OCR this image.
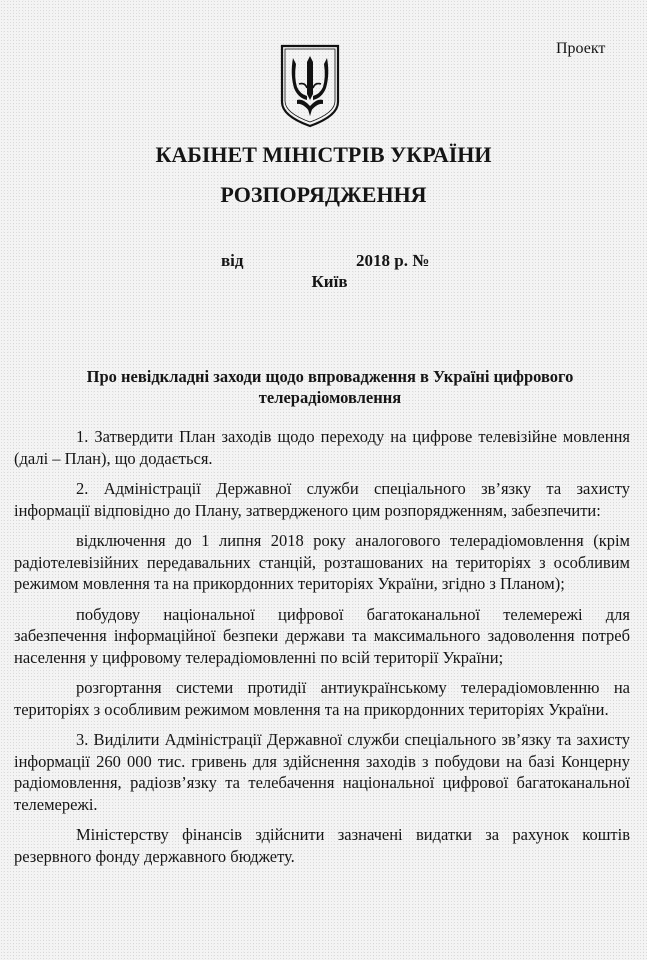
Проект
КАБІНЕТ МІНІСТРІВ УКРАЇНИ
РОЗПОРЯДЖЕННЯ
від	2018 р. №
Київ
Про невідкладні заходи щодо впровадження в Україні цифрового телерадіомовлення

1. Затвердити План заходів щодо переходу на цифрове телевізійне мовлення (далі – План), що додається.

2. Адміністрації Державної служби спеціального зв’язку та захисту інформації відповідно до Плану, затвердженого цим розпорядженням, забезпечити:

відключення до 1 липня 2018 року аналогового телерадіомовлення (крім радіотелевізійних передавальних станцій, розташованих на територіях з особливим режимом мовлення та на прикордонних територіях України, згідно з Планом);

побудову національної цифрової багатоканальної телемережі для забезпечення інформаційної безпеки держави та максимального задоволення потреб населення у цифровому телерадіомовленні по всій території України;

розгортання системи протидії антиукраїнському телерадіомовленню на територіях з особливим режимом мовлення та на прикордонних територіях України.

3. Виділити Адміністрації Державної служби спеціального зв’язку та захисту інформації 260 000 тис. гривень для здійснення заходів з побудови на базі Концерну радіомовлення, радіозв’язку та телебачення національної цифрової багатоканальної телемережі.

Міністерству фінансів здійснити зазначені видатки за рахунок коштів резервного фонду державного бюджету.
